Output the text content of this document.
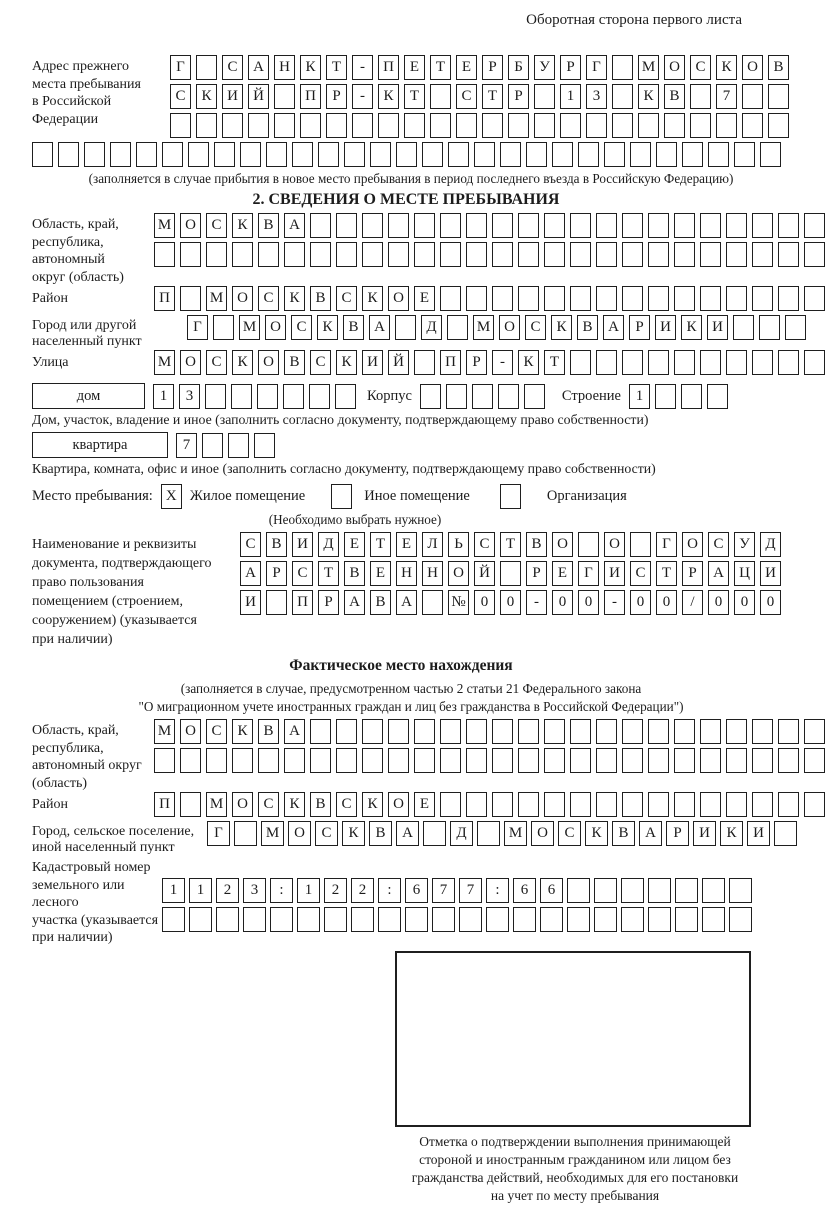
Оборотная сторона первого листа
Адрес прежнего
места пребывания
в Российской
Федерации
Г	С	А	Н	К	Т	-	П	Е	Т	Е	Р	Б	У	Р	Г	М О	С	К	О	В
С	К	И	Й	П	Р	-	К	Т	С	Т	Р	1	3	К	В	7
(заполняется в случае прибытия в новое место пребывания в период последнего въезда в Российскую Федерацию)
2. СВЕДЕНИЯ О МЕСТЕ ПРЕБЫВАНИЯ
Область, край,
республика,
автономный
округ (область)
М О	С	К	В	А
Район	П	М О	С	К	В	С	К	О	Е
Город или другой
населенный пункт
Г	М О	С	К	В	А	Д	М О	С	К	В	А	Р	И	К	И
Улица	М О	С	К	О	В	С	К	И	Й	П	Р	-	К	Т
дом	1	3	Корпус	Строение 1
Дом, участок, владение и иное (заполнить согласно документу, подтверждающему право собственности)
квартира	7
Квартира, комната, офис и иное (заполнить согласно документу, подтверждающему право собственности)
Место пребывания: X Жилое помещение	Иное помещение	Организация
(Необходимо выбрать нужное)
Наименование и реквизиты
документа, подтверждающего
право пользования
помещением (строением,
сооружением) (указывается
при наличии)
С	В	И	Д	Е	Т	Е	Л	Ь	С	Т	В	О	О	Г	О	С	У	Д
А	Р	С	Т	В	Е	Н	Н	О	Й	Р	Е	Г	И	С	Т	Р	А	Ц	И
И	П	Р	А	В	А	№	0	0	-	0	0	-	0	0	/	0	0	0
Фактическое место нахождения
(заполняется в случае, предусмотренном частью 2 статьи 21 Федерального закона
"О миграционном учете иностранных граждан и лиц без гражданства в Российской Федерации")
Область, край,
республика,
автономный округ
(область)
М О	С	К	В	А
Район	П	М О	С	К	В	С	К	О	Е
Город, сельское поселение,
иной населенный пункт
Г	М О	С	К	В	А	Д	М О	С	К	В	А	Р	И	К	И
Кадастровый номер
земельного или лесного
участка (указывается
при наличии)
1	1	2	3	:	1	2	2	:	6	7	7	:	6	6
Отметка о подтверждении выполнения принимающей
стороной и иностранным гражданином или лицом без
гражданства действий, необходимых для его постановки
на учет по месту пребывания
